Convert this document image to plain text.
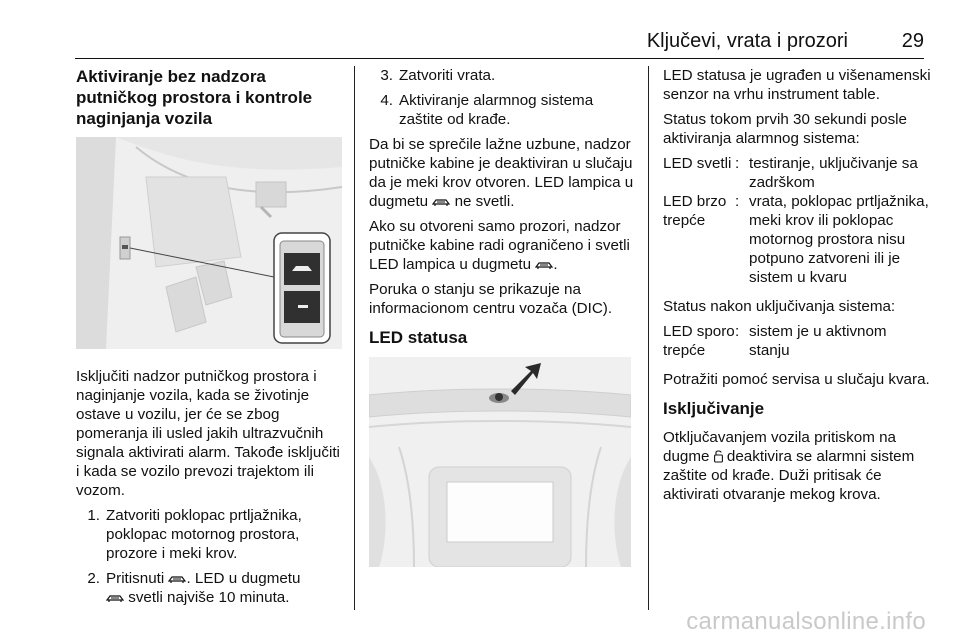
Ključevi, vrata i prozori	29
Aktiviranje bez nadzora putničkog prostora i kontrole naginjanja vozila

Isključiti nadzor putničkog prostora i naginjanje vozila, kada se životinje ostave u vozilu, jer će se zbog pomeranja ili usled jakih ultrazvučnih signala aktivirati alarm. Takođe isključiti i kada se vozilo prevozi trajektom ili vozom.

1. Zatvoriti poklopac prtljažnika, poklopac motornog prostora, prozore i meki krov.
2. Pritisnuti . LED u dugmetu
svetli najviše 10 minuta.
3. Zatvoriti vrata.
4. Aktiviranje alarmnog sistema zaštite od krađe.

Da bi se sprečile lažne uzbune, nadzor putničke kabine je deaktiviran u slučaju da je meki krov otvoren. LED lampica u dugmetu  ne svetli.

Ako su otvoreni samo prozori, nadzor putničke kabine radi ograničeno i svetli LED lampica u dugmetu .

Poruka o stanju se prikazuje na informacionom centru vozača (DIC).

LED statusa

LED statusa je ugrađen u višenamenski senzor na vrhu instrument table.

Status tokom prvih 30 sekundi posle aktiviranja alarmnog sistema:

LED svetli	:	testiranje, uključivanje sa zadrškom
LED brzo trepće	:	vrata, poklopac prtljažnika, meki krov ili poklopac motornog prostora nisu potpuno zatvoreni ili je sistem u kvaru

Status nakon uključivanja sistema:

LED sporo trepće	:	sistem je u aktivnom stanju

Potražiti pomoć servisa u slučaju kvara.

Isključivanje

Otključavanjem vozila pritiskom na dugme  deaktivira se alarmni sistem zaštite od krađe. Duži pritisak će aktivirati otvaranje mekog krova.

carmanualsonline.info
